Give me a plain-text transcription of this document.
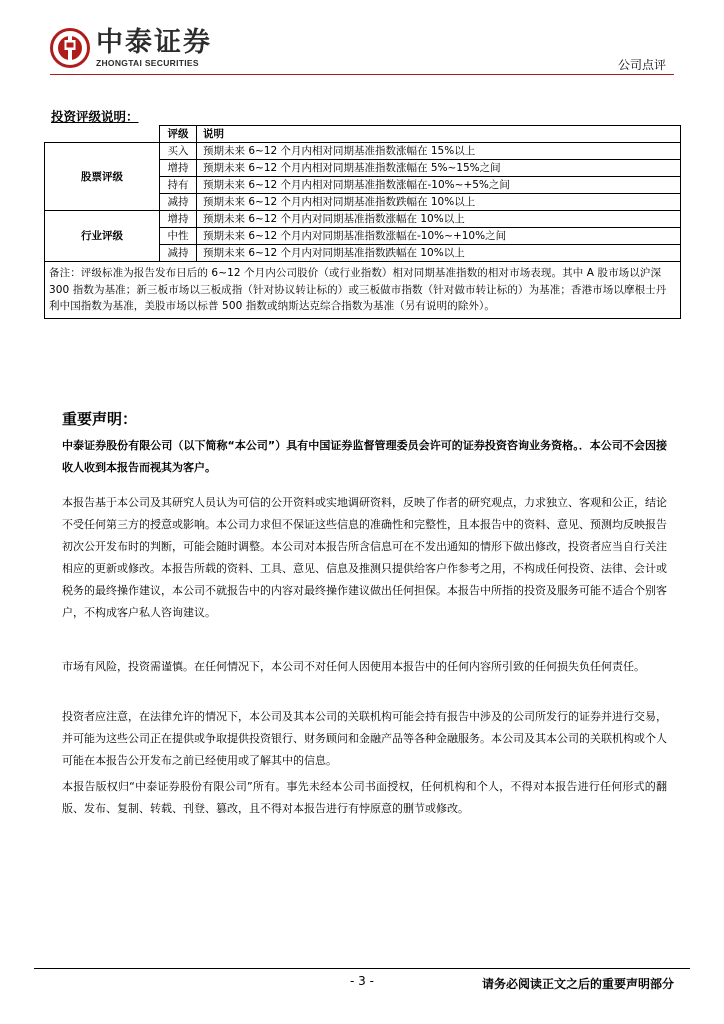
中泰证券
ZHONGTAI SECURITIES	公司点评
投资评级说明：
	评级	说明
股票评级	买入	预期未来 6~12 个月内相对同期基准指数涨幅在 15%以上
	增持	预期未来 6~12 个月内相对同期基准指数涨幅在 5%~15%之间
	持有	预期未来 6~12 个月内相对同期基准指数涨幅在-10%~+5%之间
	减持	预期未来 6~12 个月内相对同期基准指数跌幅在 10%以上
行业评级	增持	预期未来 6~12 个月内对同期基准指数涨幅在 10%以上
	中性	预期未来 6~12 个月内对同期基准指数涨幅在-10%~+10%之间
	减持	预期未来 6~12 个月内对同期基准指数跌幅在 10%以上
备注：评级标准为报告发布日后的 6~12 个月内公司股价（或行业指数）相对同期基准指数的相对市场表现。其中 A 股市场以沪深 300 指数为基准；新三板市场以三板成指（针对协议转让标的）或三板做市指数（针对做市转让标的）为基准；香港市场以摩根士丹利中国指数为基准，美股市场以标普 500 指数或纳斯达克综合指数为基准（另有说明的除外）。		
重要声明：
中泰证券股份有限公司（以下简称“本公司”）具有中国证券监督管理委员会许可的证券投资咨询业务资格。．本公司不会因接收人收到本报告而视其为客户。
本报告基于本公司及其研究人员认为可信的公开资料或实地调研资料，反映了作者的研究观点，力求独立、客观和公正，结论不受任何第三方的授意或影响。本公司力求但不保证这些信息的准确性和完整性，且本报告中的资料、意见、预测均反映报告初次公开发布时的判断，可能会随时调整。本公司对本报告所含信息可在不发出通知的情形下做出修改，投资者应当自行关注相应的更新或修改。本报告所载的资料、工具、意见、信息及推测只提供给客户作参考之用，不构成任何投资、法律、会计或税务的最终操作建议，本公司不就报告中的内容对最终操作建议做出任何担保。本报告中所指的投资及服务可能不适合个别客户，不构成客户私人咨询建议。
市场有风险，投资需谨慎。在任何情况下，本公司不对任何人因使用本报告中的任何内容所引致的任何损失负任何责任。
投资者应注意，在法律允许的情况下，本公司及其本公司的关联机构可能会持有报告中涉及的公司所发行的证券并进行交易，并可能为这些公司正在提供或争取提供投资银行、财务顾问和金融产品等各种金融服务。本公司及其本公司的关联机构或个人可能在本报告公开发布之前已经使用或了解其中的信息。
本报告版权归“中泰证券股份有限公司”所有。事先未经本公司书面授权，任何机构和个人，不得对本报告进行任何形式的翻版、发布、复制、转载、刊登、篡改，且不得对本报告进行有悖原意的删节或修改。
- 3 -	请务必阅读正文之后的重要声明部分
